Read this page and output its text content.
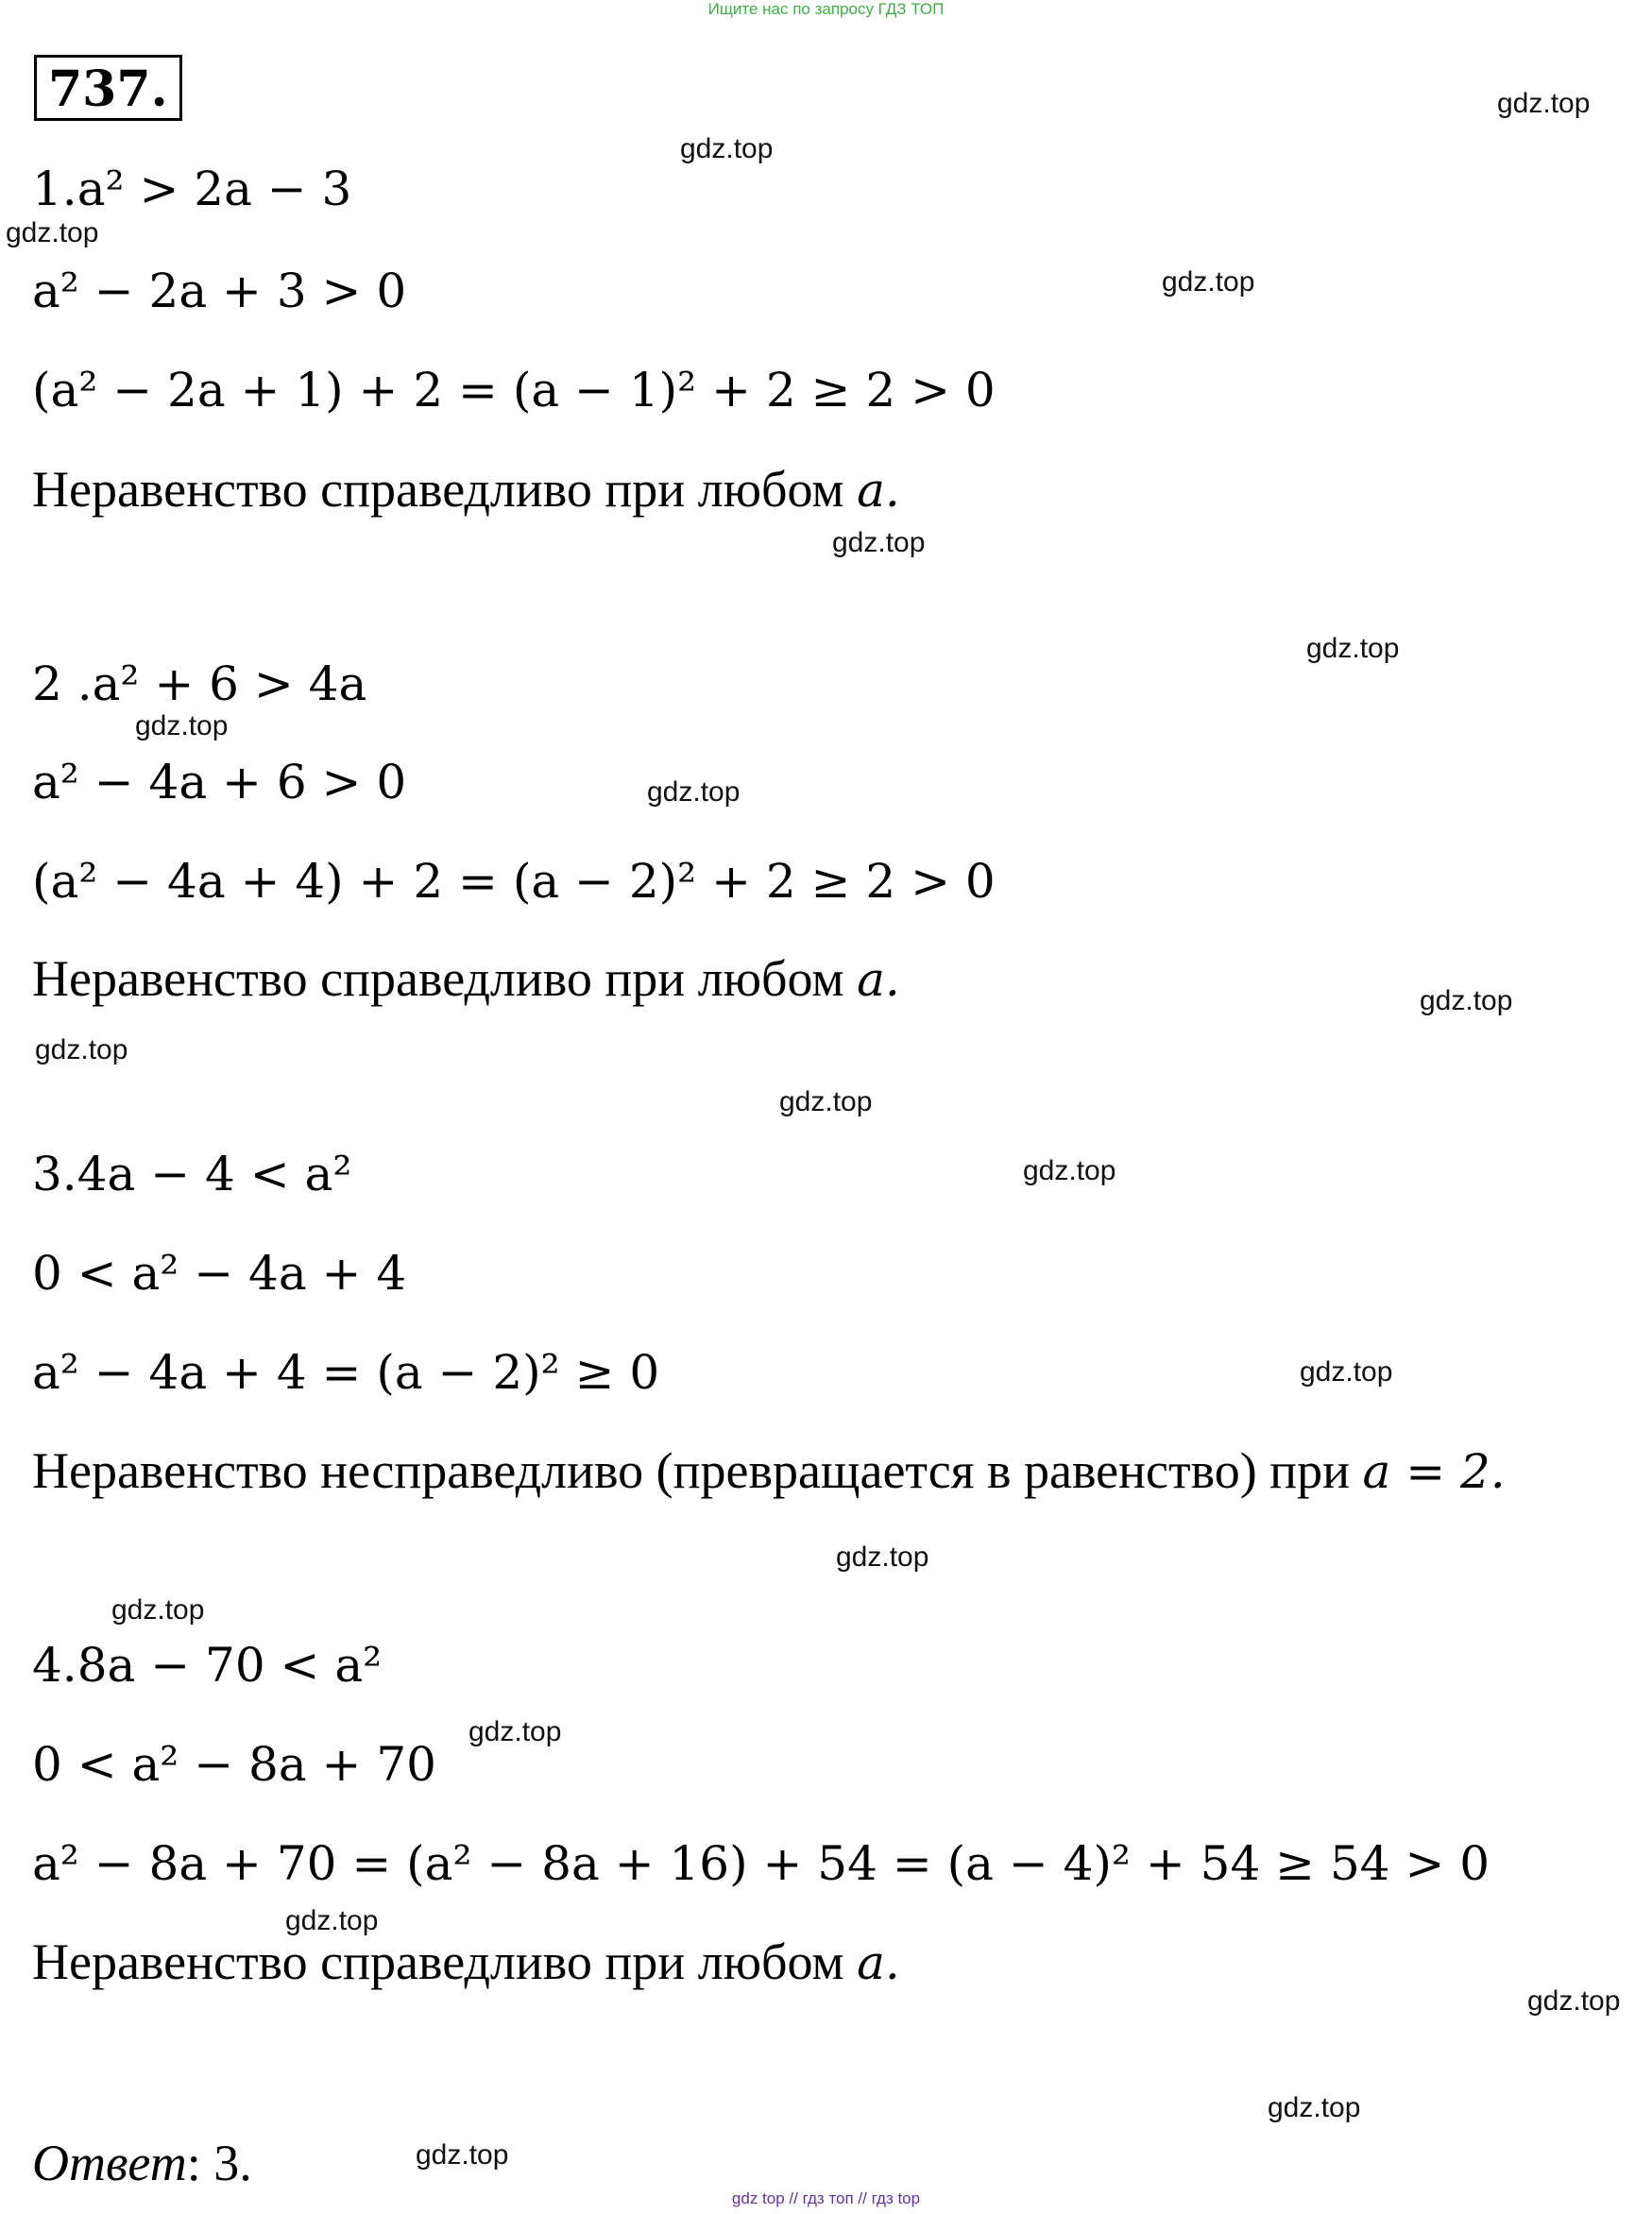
Ищите нас по запросу ГДЗ ТОП
737.
1.a² > 2a − 3
a² − 2a + 3 > 0
(a² − 2a + 1) + 2 = (a − 1)² + 2 ≥ 2 > 0
Неравенство справедливо при любом a.
2 .a² + 6 > 4a
a² − 4a + 6 > 0
(a² − 4a + 4) + 2 = (a − 2)² + 2 ≥ 2 > 0
Неравенство справедливо при любом a.
3.4a − 4 < a²
0 < a² − 4a + 4
a² − 4a + 4 = (a − 2)² ≥ 0
Неравенство несправедливо (превращается в равенство) при a = 2.
4.8a − 70 < a²
0 < a² − 8a + 70
a² − 8a + 70 = (a² − 8a + 16) + 54 = (a − 4)² + 54 ≥ 54 > 0
Неравенство справедливо при любом a.
Ответ: 3.
gdz.top
gdz.top
gdz.top
gdz.top
gdz.top
gdz.top
gdz.top
gdz.top
gdz.top
gdz.top
gdz.top
gdz.top
gdz.top
gdz.top
gdz.top
gdz.top
gdz.top
gdz.top
gdz.top
gdz.top
gdz top // гдз топ // гдз top
